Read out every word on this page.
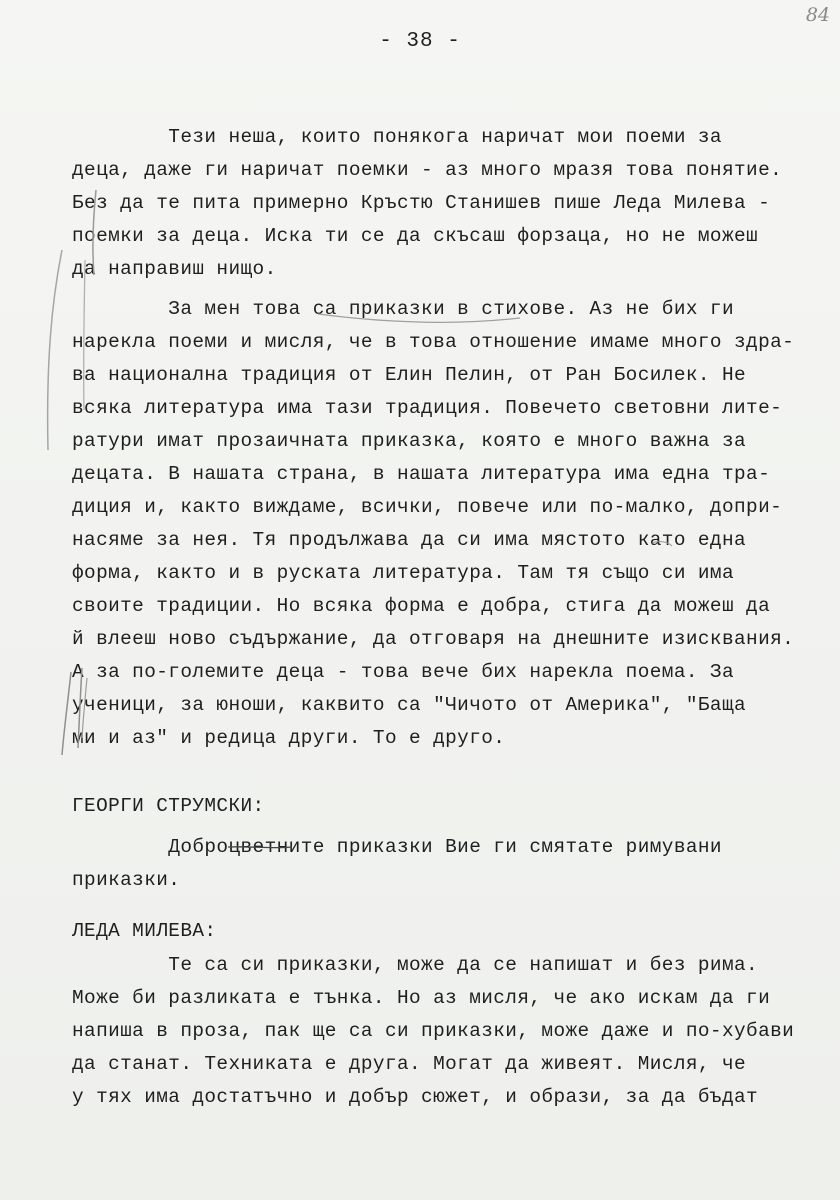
84
- 38 -
Тези неша, които понякога наричат мои поеми за
деца, даже ги наричат поемки - аз много мразя това понятие.
Без да те пита примерно Кръстю Станишев пише Леда Милева -
поемки за деца. Иска ти се да скъсаш форзаца, но не можеш
да направиш нищо.
За мен това са приказки в стихове. Аз не бих ги
нарекла поеми и мисля, че в това отношение имаме много здра-
ва национална традиция от Елин Пелин, от Ран Босилек. Не
всяка литература има тази традиция. Повечето световни лите-
ратури имат прозаичната приказка, която е много важна за
децата. В нашата страна, в нашата литература има една тра-
диция и, както виждаме, всички, повече или по-малко, допри-
насяме за нея. Тя продължава да си има мястото като една
форма, както и в руската литература. Там тя също си има
своите традиции. Но всяка форма е добра, стига да можеш да
й влееш ново съдържание, да отговаря на днешните изисквания.
А за по-големите деца - това вече бих нарекла поема. За
ученици, за юноши, каквито са "Чичото от Америка", "Баща
ми и аз" и редица други. То е друго.
ГЕОРГИ СТРУМСКИ:
Доброцветните приказки Вие ги смятате римувани
приказки.
ЛЕДА МИЛЕВА:
Те са си приказки, може да се напишат и без рима.
Може би разликата е тънка. Но аз мисля, че ако искам да ги
напиша в проза, пак ще са си приказки, може даже и по-хубави
да станат. Техниката е друга. Могат да живеят. Мисля, че
у тях има достатъчно и добър сюжет, и образи, за да бъдат
